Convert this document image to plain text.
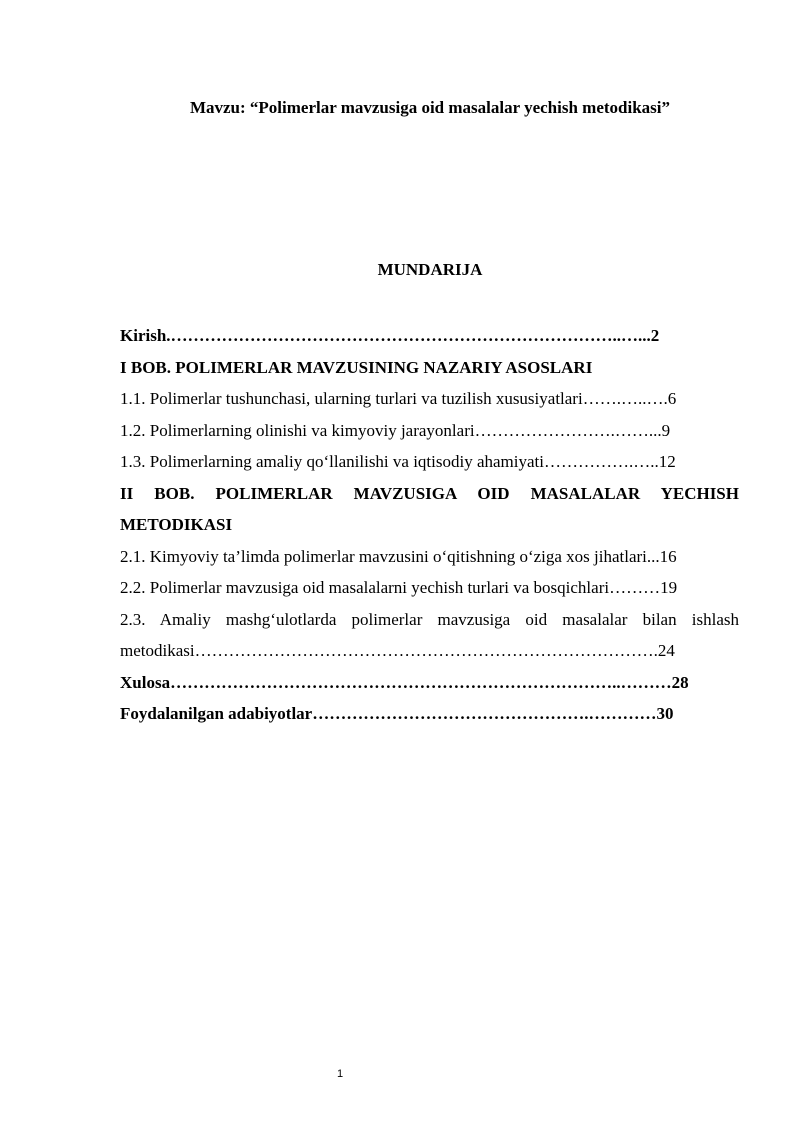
Mavzu: “Polimerlar mavzusiga oid masalalar yechish metodikasi”
MUNDARIJA
Kirish.……………………………………………………………………..…...2
I BOB. POLIMERLAR MAVZUSINING NAZARIY ASOSLARI
1.1. Polimerlar tushunchasi, ularning turlari va tuzilish xususiyatlari…….…..….6
1.2. Polimerlarning olinishi va kimyoviy jarayonlari…………………….……...9
1.3. Polimerlarning amaliy qo‘llanilishi va iqtisodiy ahamiyati…………….…..12
II BOB. POLIMERLAR MAVZUSIGA OID MASALALAR YECHISH
METODIKASI
2.1. Kimyoviy ta’limda polimerlar mavzusini o‘qitishning o‘ziga xos jihatlari...16
2.2. Polimerlar mavzusiga oid masalalarni yechish turlari va bosqichlari………19
2.3. Amaliy mashg‘ulotlarda polimerlar mavzusiga oid masalalar bilan ishlash
metodikasi……………………………………………………………………….24
Xulosa……………………………………………………………………..………28
Foydalanilgan adabiyotlar………………………………………….…………30
1
